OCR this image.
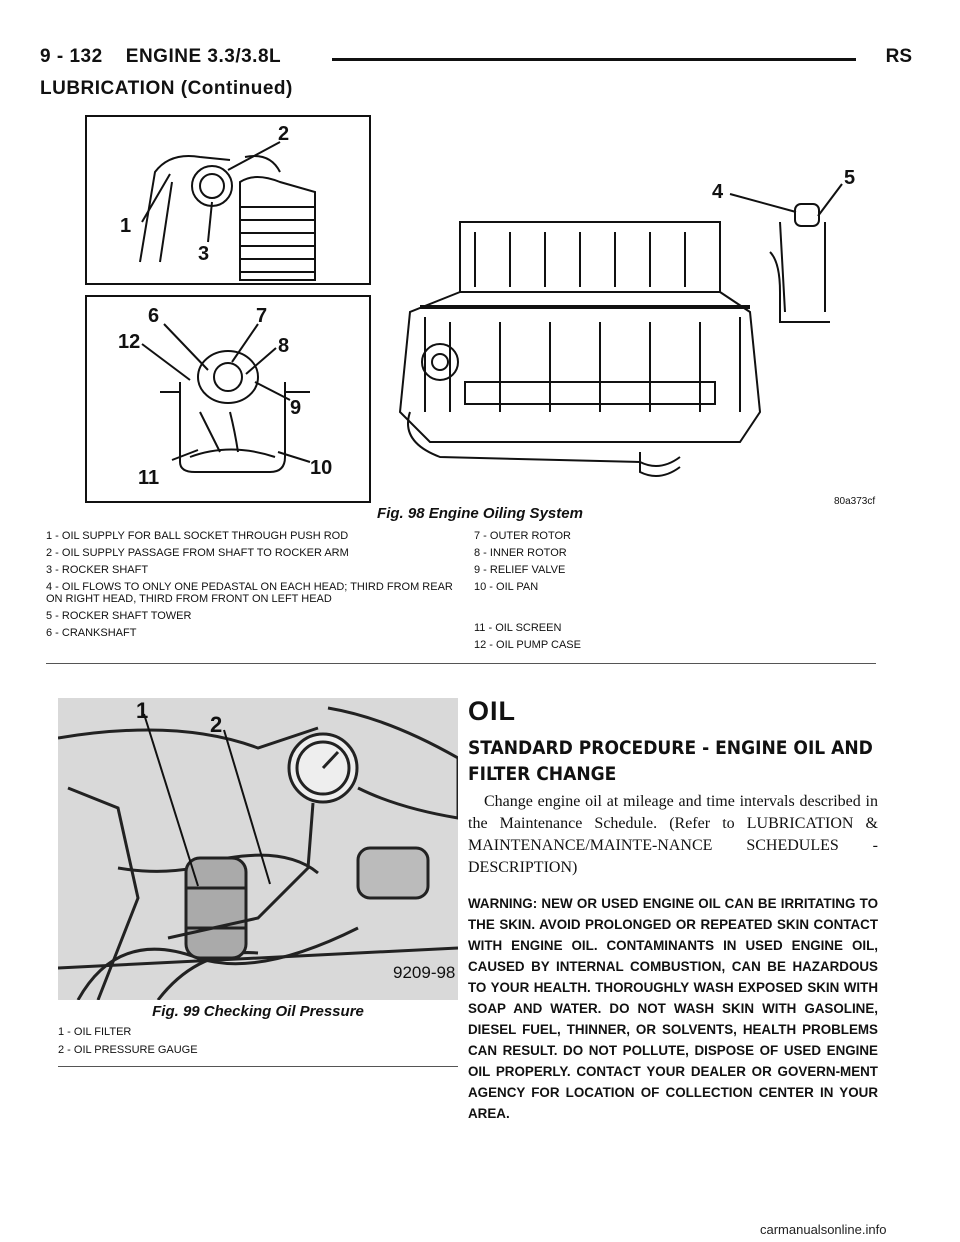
9 - 132 ENGINE 3.3/3.8L	RS
LUBRICATION (Continued)
1
2
3
4
5
6	7
8
9
10
11
12
80a373cf
Fig. 98 Engine Oiling System
1 - OIL SUPPLY FOR BALL SOCKET THROUGH PUSH ROD
2 - OIL SUPPLY PASSAGE FROM SHAFT TO ROCKER ARM
3 - ROCKER SHAFT
4 - OIL FLOWS TO ONLY ONE PEDASTAL ON EACH HEAD; THIRD FROM REAR ON RIGHT HEAD, THIRD FROM FRONT ON LEFT HEAD
5 - ROCKER SHAFT TOWER
6 - CRANKSHAFT
7 - OUTER ROTOR
8 - INNER ROTOR
9 - RELIEF VALVE
10 - OIL PAN
11 - OIL SCREEN
12 - OIL PUMP CASE
1
2
9209-98
Fig. 99 Checking Oil Pressure
1 - OIL FILTER
2 - OIL PRESSURE GAUGE
OIL
STANDARD PROCEDURE - ENGINE OIL AND FILTER CHANGE

Change engine oil at mileage and time intervals described in the Maintenance Schedule. (Refer to LUBRICATION & MAINTENANCE/MAINTE-NANCE SCHEDULES - DESCRIPTION)

WARNING: NEW OR USED ENGINE OIL CAN BE IRRITATING TO THE SKIN. AVOID PROLONGED OR REPEATED SKIN CONTACT WITH ENGINE OIL. CONTAMINANTS IN USED ENGINE OIL, CAUSED BY INTERNAL COMBUSTION, CAN BE HAZARDOUS TO YOUR HEALTH. THOROUGHLY WASH EXPOSED SKIN WITH SOAP AND WATER. DO NOT WASH SKIN WITH GASOLINE, DIESEL FUEL, THINNER, OR SOLVENTS, HEALTH PROBLEMS CAN RESULT. DO NOT POLLUTE, DISPOSE OF USED ENGINE OIL PROPERLY. CONTACT YOUR DEALER OR GOVERN-MENT AGENCY FOR LOCATION OF COLLECTION CENTER IN YOUR AREA.

carmanualsonline.info
